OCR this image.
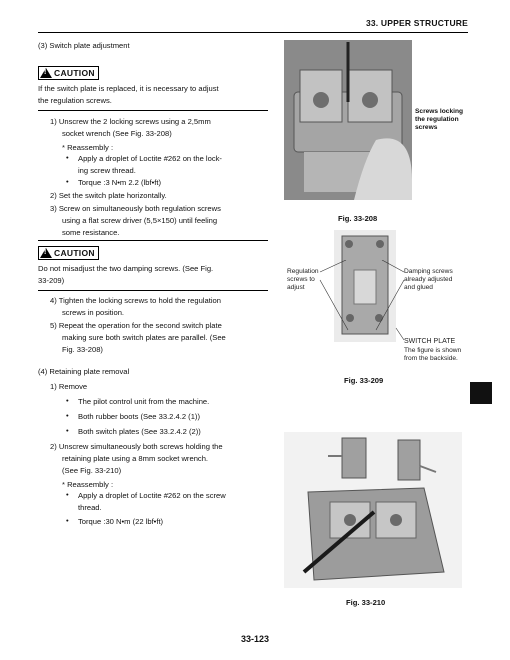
33. UPPER STRUCTURE
(3) Switch plate adjustment
!
CAUTION
If the switch plate is replaced, it is necessary to adjust
the regulation screws.
1) Unscrew the 2 locking screws using a 2,5mm
socket wrench (See Fig. 33-208)
* Reassembly :
• Apply a droplet of Loctite #262 on the lock-
ing screw thread.
• Torque :3 N•m 2.2 (lbf•ft)
2) Set the switch plate horizontally.
3) Screw on simultaneously both regulation screws
using a flat screw driver (5,5×150) until feeling
some resistance.
!
CAUTION
Do not misadjust the two damping screws. (See Fig.
33-209)
4) Tighten the locking screws to hold the regulation
screws in position.
5) Repeat the operation for the second switch plate
making sure both switch plates are parallel. (See
Fig. 33-208)
(4) Retaining plate removal
1) Remove
• The pilot control unit from the machine.
• Both rubber boots (See 33.2.4.2 (1))
• Both switch plates (See 33.2.4.2 (2))
2) Unscrew simultaneously both screws holding the
retaining plate using a 8mm socket wrench.
(See Fig. 33-210)
* Reassembly :
• Apply a droplet of Loctite #262 on the screw
thread.
• Torque :30 N•m (22 lbf•ft)
Screws locking
the regulation
screws
Fig. 33-208
Regulation
screws to
adjust
Damping screws
already adjusted
and glued
SWITCH PLATE
The figure is shown
from the backside.
Fig. 33-209
Fig. 33-210
33-123
